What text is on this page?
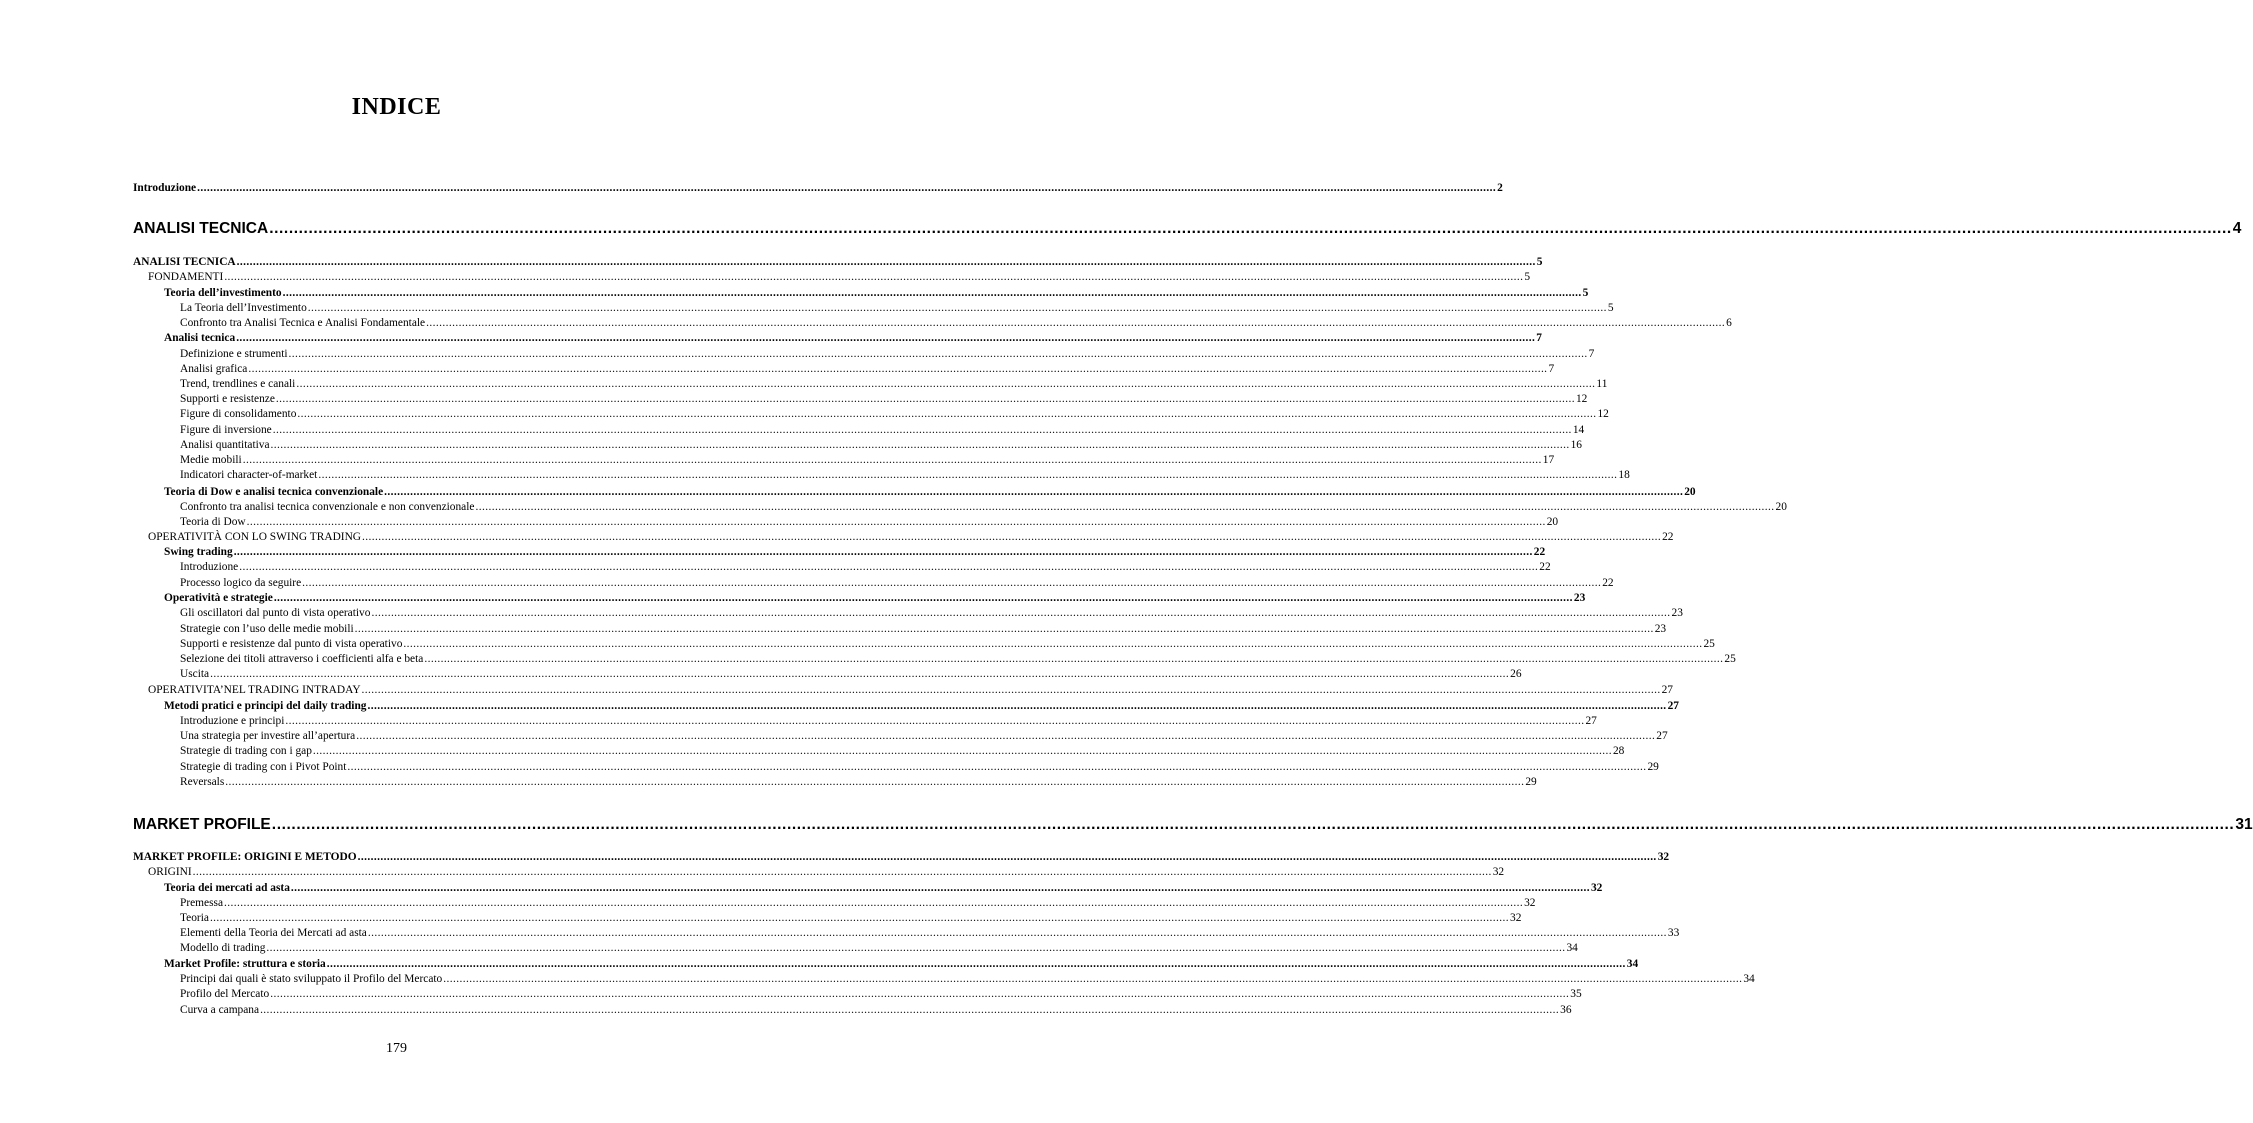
INDICE
Introduzione ................................................................................................................................................................................................................................................................................................................................................................................................................ 2
ANALISI TECNICA ................................................................................................................................................................................................................................................................................................................................................................................................................ 4
ANALISI TECNICA ................................................................................................................................................................................................................................................................................................................................................................................................................ 5
FONDAMENTI ................................................................................................................................................................................................................................................................................................................................................................................................................ 5
Teoria dell’investimento ................................................................................................................................................................................................................................................................................................................................................................................................................ 5
La Teoria dell’Investimento ................................................................................................................................................................................................................................................................................................................................................................................................................ 5
Confronto tra Analisi Tecnica e Analisi Fondamentale ................................................................................................................................................................................................................................................................................................................................................................................................................ 6
Analisi tecnica ................................................................................................................................................................................................................................................................................................................................................................................................................ 7
Definizione e strumenti ................................................................................................................................................................................................................................................................................................................................................................................................................ 7
Analisi grafica ................................................................................................................................................................................................................................................................................................................................................................................................................ 7
Trend, trendlines e canali ................................................................................................................................................................................................................................................................................................................................................................................................................ 11
Supporti e resistenze ................................................................................................................................................................................................................................................................................................................................................................................................................ 12
Figure di consolidamento ................................................................................................................................................................................................................................................................................................................................................................................................................ 12
Figure di inversione ................................................................................................................................................................................................................................................................................................................................................................................................................ 14
Analisi quantitativa ................................................................................................................................................................................................................................................................................................................................................................................................................ 16
Medie mobili ................................................................................................................................................................................................................................................................................................................................................................................................................ 17
Indicatori character-of-market ................................................................................................................................................................................................................................................................................................................................................................................................................ 18
Teoria di Dow e analisi tecnica convenzionale ................................................................................................................................................................................................................................................................................................................................................................................................................ 20
Confronto tra analisi tecnica convenzionale e non convenzionale ................................................................................................................................................................................................................................................................................................................................................................................................................ 20
Teoria di Dow ................................................................................................................................................................................................................................................................................................................................................................................................................ 20
OPERATIVITÀ CON LO SWING TRADING ................................................................................................................................................................................................................................................................................................................................................................................................................ 22
Swing trading ................................................................................................................................................................................................................................................................................................................................................................................................................ 22
Introduzione ................................................................................................................................................................................................................................................................................................................................................................................................................ 22
Processo logico da seguire ................................................................................................................................................................................................................................................................................................................................................................................................................ 22
Operatività e strategie ................................................................................................................................................................................................................................................................................................................................................................................................................ 23
Gli oscillatori dal punto di vista operativo ................................................................................................................................................................................................................................................................................................................................................................................................................ 23
Strategie con l’uso delle medie mobili ................................................................................................................................................................................................................................................................................................................................................................................................................ 23
Supporti e resistenze dal punto di vista operativo ................................................................................................................................................................................................................................................................................................................................................................................................................ 25
Selezione dei titoli attraverso i coefficienti alfa e beta ................................................................................................................................................................................................................................................................................................................................................................................................................ 25
Uscita ................................................................................................................................................................................................................................................................................................................................................................................................................ 26
OPERATIVITA’NEL TRADING INTRADAY ................................................................................................................................................................................................................................................................................................................................................................................................................ 27
Metodi pratici e principi del daily trading ................................................................................................................................................................................................................................................................................................................................................................................................................ 27
Introduzione e principi ................................................................................................................................................................................................................................................................................................................................................................................................................ 27
Una strategia per investire all’apertura ................................................................................................................................................................................................................................................................................................................................................................................................................ 27
Strategie di trading con i gap ................................................................................................................................................................................................................................................................................................................................................................................................................ 28
Strategie di trading con i Pivot Point ................................................................................................................................................................................................................................................................................................................................................................................................................ 29
Reversals ................................................................................................................................................................................................................................................................................................................................................................................................................ 29
MARKET PROFILE ................................................................................................................................................................................................................................................................................................................................................................................................................ 31
MARKET PROFILE: ORIGINI E METODO ................................................................................................................................................................................................................................................................................................................................................................................................................ 32
ORIGINI ................................................................................................................................................................................................................................................................................................................................................................................................................ 32
Teoria dei mercati ad asta ................................................................................................................................................................................................................................................................................................................................................................................................................ 32
Premessa ................................................................................................................................................................................................................................................................................................................................................................................................................ 32
Teoria ................................................................................................................................................................................................................................................................................................................................................................................................................ 32
Elementi della Teoria dei Mercati ad asta ................................................................................................................................................................................................................................................................................................................................................................................................................ 33
Modello di trading ................................................................................................................................................................................................................................................................................................................................................................................................................ 34
Market Profile: struttura e storia ................................................................................................................................................................................................................................................................................................................................................................................................................ 34
Principi dai quali è stato sviluppato il Profilo del Mercato ................................................................................................................................................................................................................................................................................................................................................................................................................ 34
Profilo del Mercato ................................................................................................................................................................................................................................................................................................................................................................................................................ 35
Curva a campana ................................................................................................................................................................................................................................................................................................................................................................................................................ 36
179
